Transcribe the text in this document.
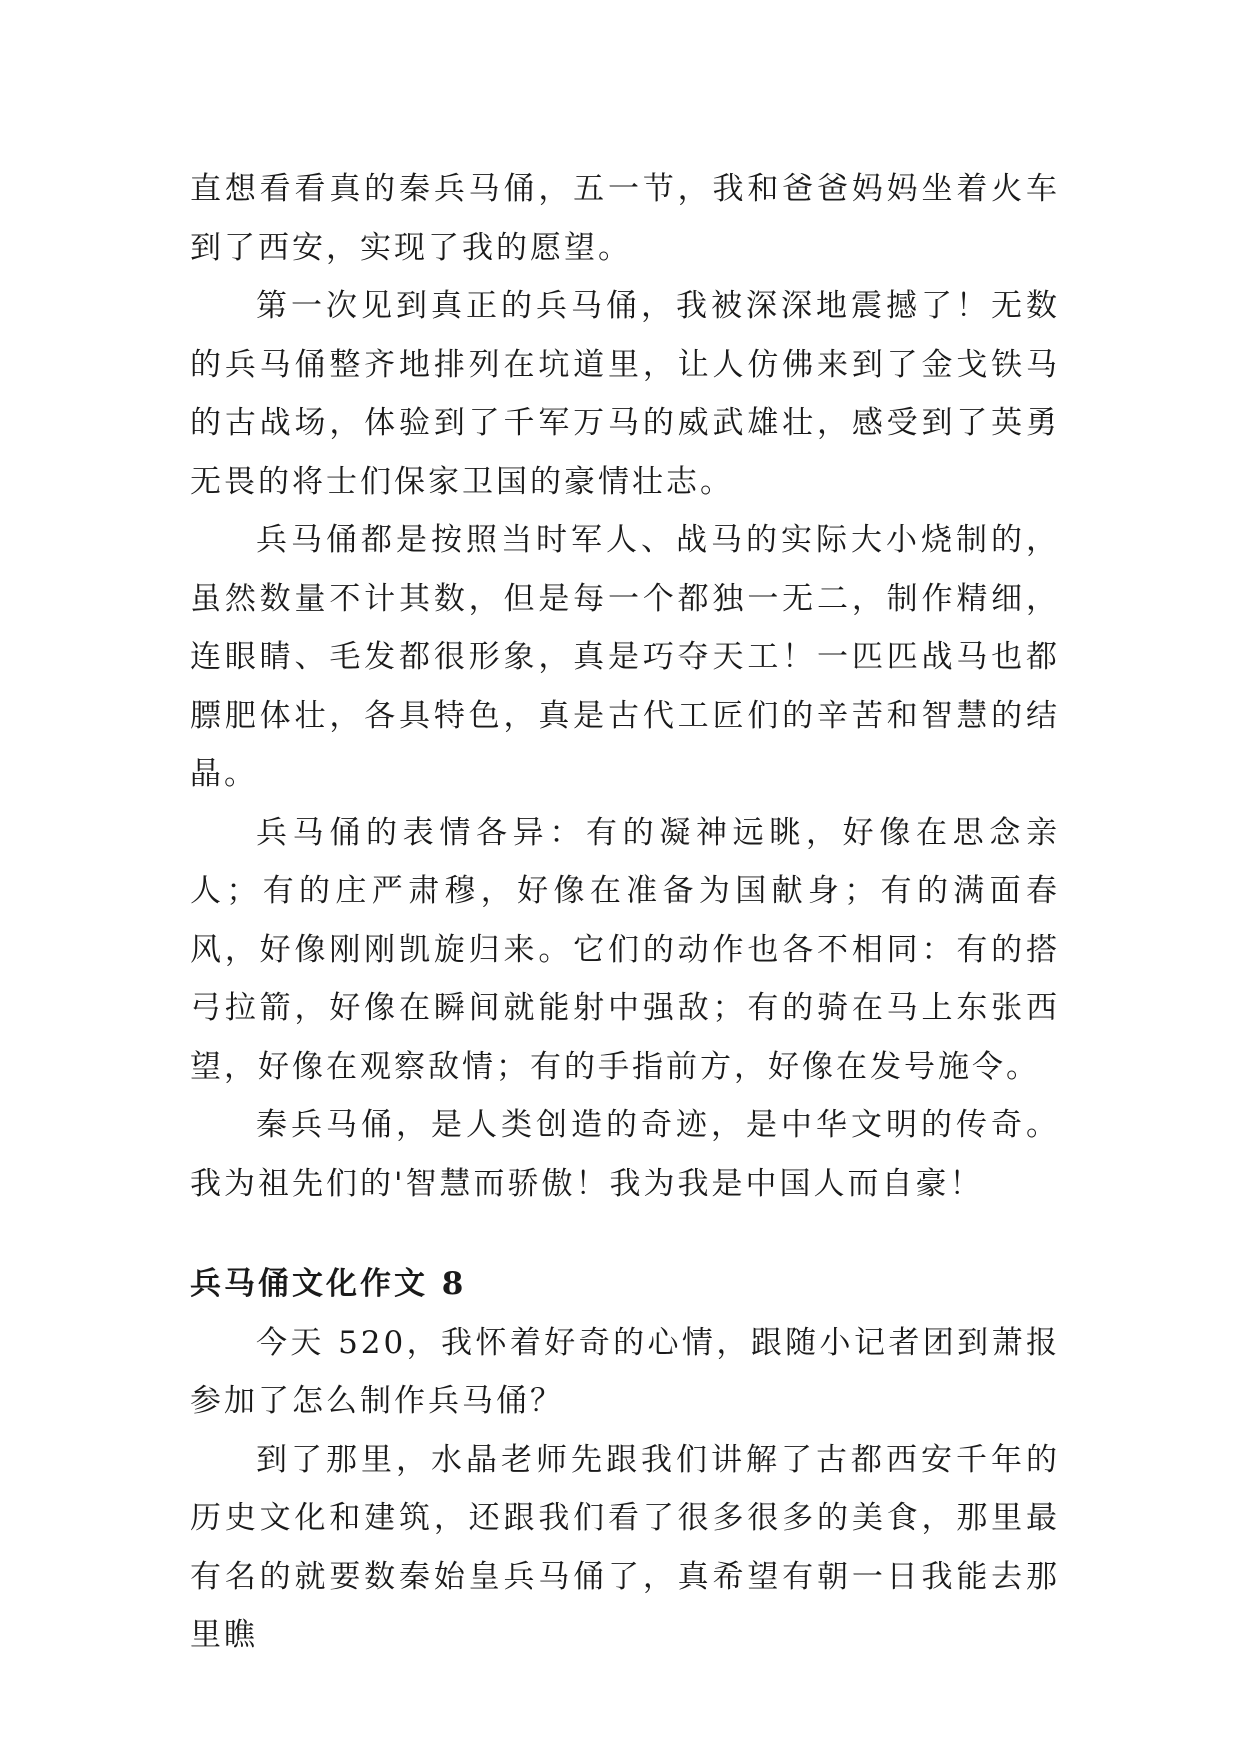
直想看看真的秦兵马俑，五一节，我和爸爸妈妈坐着火车到了西安，实现了我的愿望。

第一次见到真正的兵马俑，我被深深地震撼了！无数的兵马俑整齐地排列在坑道里，让人仿佛来到了金戈铁马的古战场，体验到了千军万马的威武雄壮，感受到了英勇无畏的将士们保家卫国的豪情壮志。

兵马俑都是按照当时军人、战马的实际大小烧制的，虽然数量不计其数，但是每一个都独一无二，制作精细，连眼睛、毛发都很形象，真是巧夺天工！一匹匹战马也都膘肥体壮，各具特色，真是古代工匠们的辛苦和智慧的结晶。

兵马俑的表情各异：有的凝神远眺，好像在思念亲人；有的庄严肃穆，好像在准备为国献身；有的满面春风，好像刚刚凯旋归来。它们的动作也各不相同：有的搭弓拉箭，好像在瞬间就能射中强敌；有的骑在马上东张西望，好像在观察敌情；有的手指前方，好像在发号施令。

秦兵马俑，是人类创造的奇迹，是中华文明的传奇。我为祖先们的'智慧而骄傲！我为我是中国人而自豪！

兵马俑文化作文 8

今天 520，我怀着好奇的心情，跟随小记者团到萧报参加了怎么制作兵马俑？

到了那里，水晶老师先跟我们讲解了古都西安千年的历史文化和建筑，还跟我们看了很多很多的美食，那里最有名的就要数秦始皇兵马俑了，真希望有朝一日我能去那里瞧
